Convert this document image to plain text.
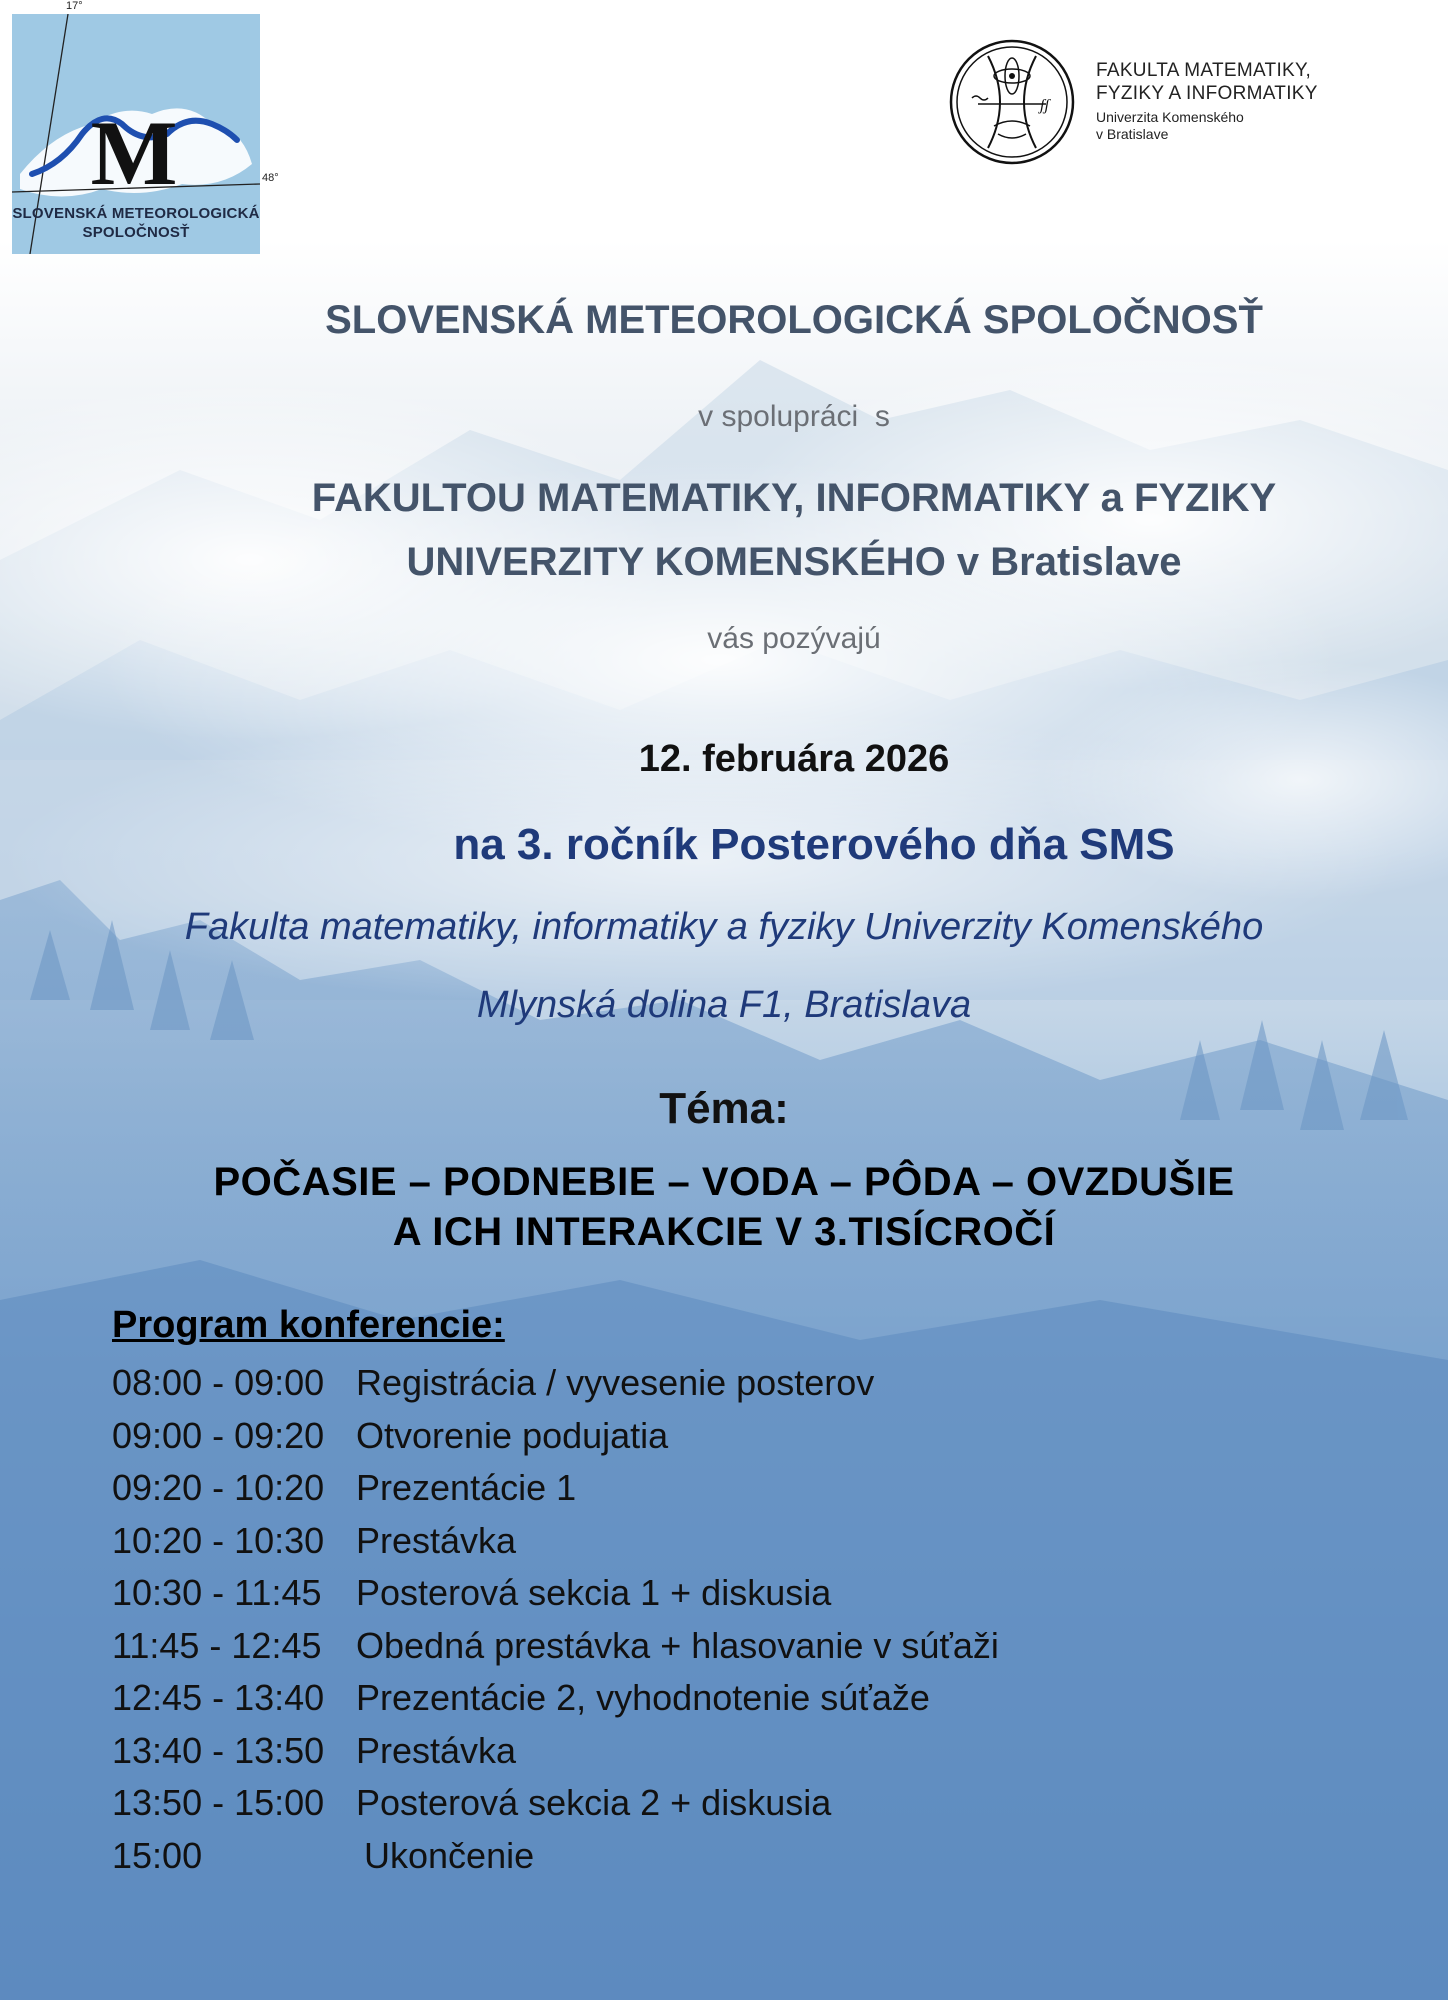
M
SLOVENSKÁ METEOROLOGICKÁ
SPOLOČNOSŤ
17°
48°
ʃʃ
FAKULTA MATEMATIKY,
FYZIKY A INFORMATIKY
Univerzita Komenského
v Bratislave
SLOVENSKÁ METEOROLOGICKÁ SPOLOČNOSŤ
v spolupráci  s
FAKULTOU MATEMATIKY, INFORMATIKY a FYZIKY
UNIVERZITY KOMENSKÉHO v Bratislave
vás pozývajú
12. februára 2026
na 3. ročník Posterového dňa SMS
Fakulta matematiky, informatiky a fyziky Univerzity Komenského
Mlynská dolina F1, Bratislava
Téma:
POČASIE – PODNEBIE – VODA – PÔDA – OVZDUŠIE
A ICH INTERAKCIE V 3.TISÍCROČÍ
Program konferencie:
08:00 - 09:00 Registrácia / vyvesenie posterov
09:00 - 09:20 Otvorenie podujatia
09:20 - 10:20 Prezentácie 1
10:20 - 10:30 Prestávka
10:30 - 11:45 Posterová sekcia 1 + diskusia
11:45 - 12:45 Obedná prestávka + hlasovanie v súťaži
12:45 - 13:40 Prezentácie 2, vyhodnotenie súťaže
13:40 - 13:50 Prestávka
13:50 - 15:00 Posterová sekcia 2 + diskusia
15:00	Ukončenie
